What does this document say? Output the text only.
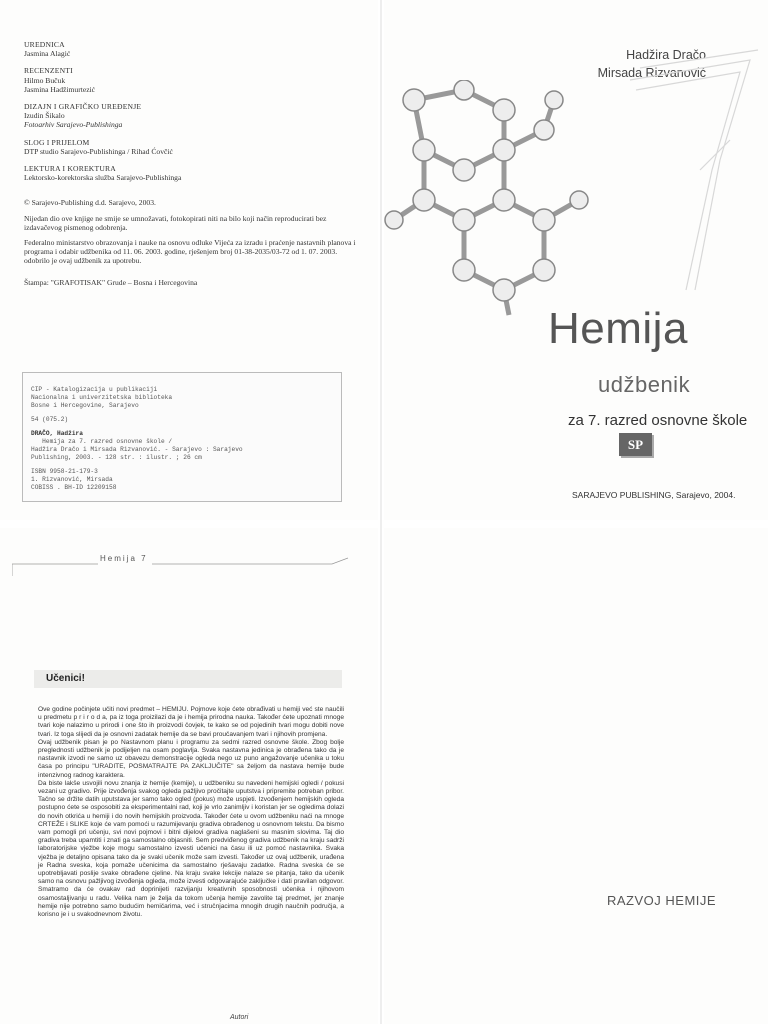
UREDNICA
Jasmina Alagić
RECENZENTI
Hilmo Bučuk
Jasmina Hadžimurtezić
DIZAJN I GRAFIČKO UREĐENJE
Izudin Šikalo
Fotoarhiv Sarajevo-Publishinga
SLOG I PRIJELOM
DTP studio Sarajevo-Publishinga / Rihad Ćovčić
LEKTURA I KOREKTURA
Lektorsko-korektorska služba Sarajevo-Publishinga

© Sarajevo-Publishing d.d. Sarajevo, 2003.

Nijedan dio ove knjige ne smije se umnožavati, fotokopirati niti na bilo koji način reproducirati bez izdavačevog pismenog odobrenja.

Federalno ministarstvo obrazovanja i nauke na osnovu odluke Vijeća za izradu i praćenje nastavnih planova i programa i odabir udžbenika od 11. 06. 2003. godine, rješenjem broj 01-38-2035/03-72 od 1. 07. 2003. odobrilo je ovaj udžbenik za upotrebu.

Štampa: "GRAFOTISAK" Grude – Bosna i Hercegovina

CIP - Katalogizacija u publikaciji
Nacionalna i univerzitetska biblioteka
Bosne i Hercegovine, Sarajevo
54 (075.2)
DRAČO, Hadžira
Hemija za 7. razred osnovne škole /
Hadžira Dračo i Mirsada Rizvanović. - Sarajevo : Sarajevo
Publishing, 2003. - 128 str. : ilustr. ; 26 cm
ISBN 9958-21-179-3
1. Rizvanović, Mirsada
COBISS . BH-ID 12209158

Hadžira Dračo
Mirsada Rizvanović
Hemija
udžbenik
za 7. razred osnovne škole
SP
SARAJEVO PUBLISHING, Sarajevo, 2004.
Hemija 7
Učenici!

Ove godine počinjete učiti novi predmet – HEMIJU. Pojmove koje ćete obrađivati u hemiji već ste naučili u predmetu p r i r o d a, pa iz toga proizilazi da je i hemija prirodna nauka. Također ćete upoznati mnoge tvari koje nalazimo u prirodi i one što ih proizvodi čovjek, te kako se od pojedinih tvari mogu dobiti nove tvari. Iz toga slijedi da je osnovni zadatak hemije da se bavi proučavanjem tvari i njihovih promjena.

Ovaj udžbenik pisan je po Nastavnom planu i programu za sedmi razred osnovne škole. Zbog bolje preglednosti udžbenik je podijeljen na osam poglavlja. Svaka nastavna jedinica je obrađena tako da je nastavnik izvodi ne samo uz obavezu demonstracije ogleda nego uz puno angažovanje učenika u toku časa po principu "URADITE, POSMATRAJTE PA ZAKLJUČITE" sa željom da nastava hemije bude intenzivnog radnog karaktera.

Da biste lakše usvojili novu znanja iz hemije (kemije), u udžbeniku su navedeni hemijski ogledi / pokusi vezani uz gradivo. Prije izvođenja svakog ogleda pažljivo pročitajte uputstva i pripremite potreban pribor. Tačno se držite datih uputstava jer samo tako ogled (pokus) može uspjeti. Izvođenjem hemijskih ogleda postupno ćete se osposobiti za eksperimentalni rad, koji je vrlo zanimljiv i koristan jer se ogledima dolazi do novih otkrića u hemiji i do novih hemijskih proizvoda. Također ćete u ovom udžbeniku naći na mnoge CRTEŽE i SLIKE koje će vam pomoći u razumijevanju gradiva obrađenog u osnovnom tekstu. Da bismo vam pomogli pri učenju, svi novi pojmovi i bitni dijelovi gradiva naglašeni su masnim slovima. Taj dio gradiva treba upamtiti i znati ga samostalno objasniti. Sem predviđenog gradiva udžbenik na kraju sadrži laboratorijske vježbe koje mogu samostalno izvesti učenici na času ili uz pomoć nastavnika. Svaka vježba je detaljno opisana tako da je svaki učenik može sam izvesti. Također uz ovaj udžbenik, urađena je Radna sveska, koja pomaže učenicima da samostalno rješavaju zadatke. Radna sveska će se upotrebljavati poslije svake obrađene cjeline. Na kraju svake lekcije nalaze se pitanja, tako da učenik samo na osnovu pažljivog izvođenja ogleda, može izvesti odgovarajuće zaključke i dati pravilan odgovor. Smatramo da će ovakav rad doprinijeti razvijanju kreativnih sposobnosti učenika i njihovom osamostaljivanju u radu. Velika nam je želja da tokom učenja hemije zavolite taj predmet, jer znanje hemije nije potrebno samo budućim hemičarima, već i stručnjacima mnogih drugih naučnih područja, a korisno je i u svakodnevnom životu.

Autori
RAZVOJ HEMIJE
